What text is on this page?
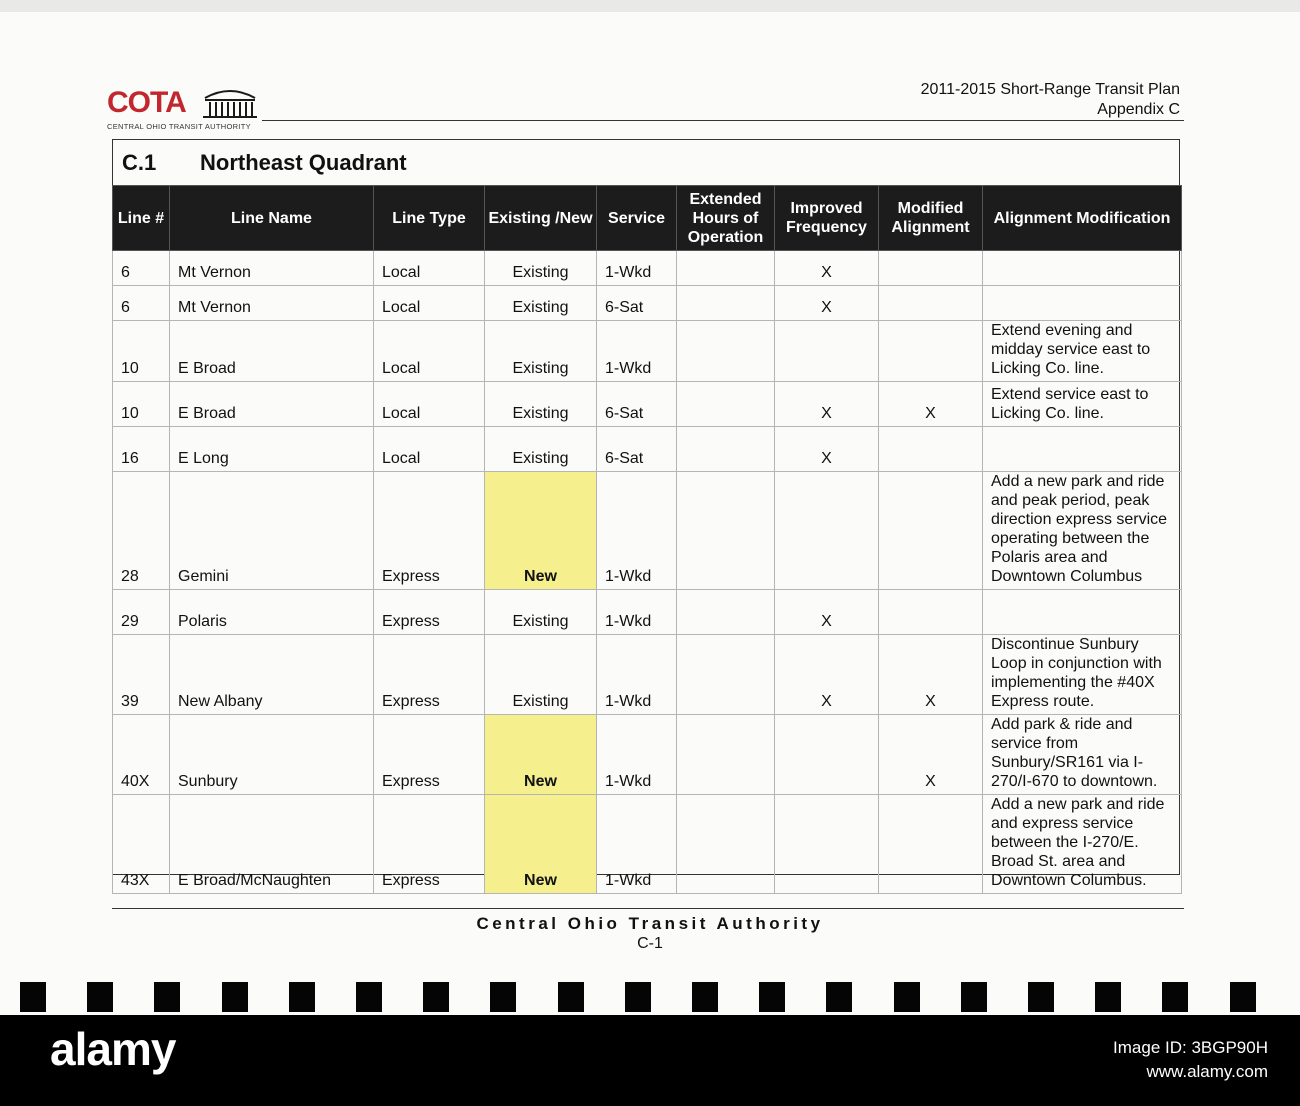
COTA
CENTRAL OHIO TRANSIT AUTHORITY
2011-2015 Short-Range Transit Plan
Appendix C
C.1 Northeast Quadrant
Line #	Line Name	Line Type	Existing /New	Service	Extended Hours of Operation	Improved Frequency	Modified Alignment	Alignment Modification
6	Mt Vernon	Local	Existing	1-Wkd		X		
6	Mt Vernon	Local	Existing	6-Sat		X		
10	E Broad	Local	Existing	1-Wkd				Extend evening and midday service east to Licking Co. line.
10	E Broad	Local	Existing	6-Sat		X	X	Extend service east to Licking Co. line.
16	E Long	Local	Existing	6-Sat		X		
28	Gemini	Express	New	1-Wkd				Add a new park and ride and peak period, peak direction express service operating between the Polaris area and Downtown Columbus
29	Polaris	Express	Existing	1-Wkd		X		
39	New Albany	Express	Existing	1-Wkd		X	X	Discontinue Sunbury Loop in conjunction with implementing the #40X Express route.
40X	Sunbury	Express	New	1-Wkd			X	Add park & ride and service from Sunbury/SR161 via I-270/I-670 to downtown.
43X	E Broad/McNaughten	Express	New	1-Wkd				Add a new park and ride and express service between the I-270/E. Broad St. area and Downtown Columbus.
Central Ohio Transit Authority
C-1
alamy	Image ID: 3BGP90H
www.alamy.com
